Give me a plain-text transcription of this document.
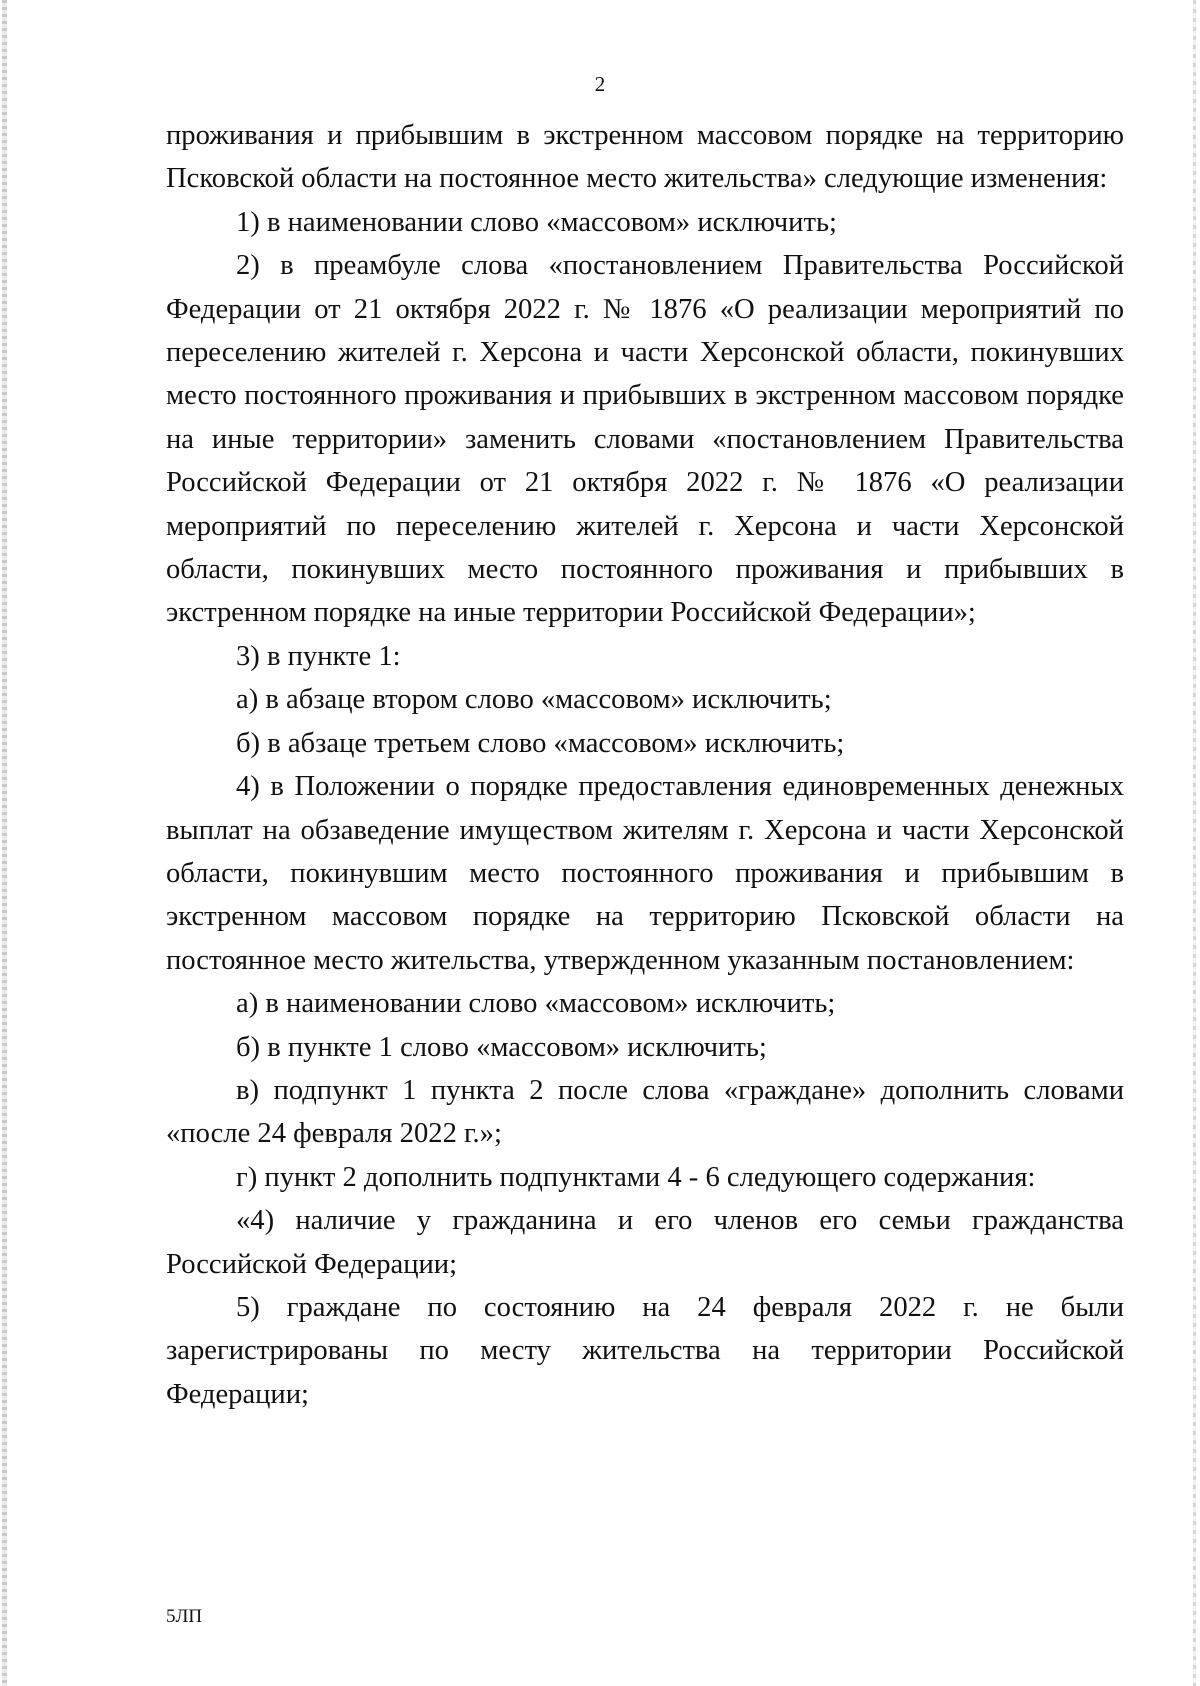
2

проживания и прибывшим в экстренном массовом порядке на территорию Псковской области на постоянное место жительства» следующие изменения:

1) в наименовании слово «массовом» исключить;

2) в преамбуле слова «постановлением Правительства Российской Федерации от 21 октября 2022 г. № 1876 «О реализации мероприятий по переселению жителей г. Херсона и части Херсонской области, покинувших место постоянного проживания и прибывших в экстренном массовом порядке на иные территории» заменить словами «постановлением Правительства Российской Федерации от 21 октября 2022 г. № 1876 «О реализации мероприятий по переселению жителей г. Херсона и части Херсонской области, покинувших место постоянного проживания и прибывших в экстренном порядке на иные территории Российской Федерации»;

3) в пункте 1:

а) в абзаце втором слово «массовом» исключить;

б) в абзаце третьем слово «массовом» исключить;

4) в Положении о порядке предоставления единовременных денежных выплат на обзаведение имуществом жителям г. Херсона и части Херсонской области, покинувшим место постоянного проживания и прибывшим в экстренном массовом порядке на территорию Псковской области на постоянное место жительства, утвержденном указанным постановлением:

а) в наименовании слово «массовом» исключить;

б) в пункте 1 слово «массовом» исключить;

в) подпункт 1 пункта 2 после слова «граждане» дополнить словами «после 24 февраля 2022 г.»;

г) пункт 2 дополнить подпунктами 4 - 6 следующего содержания:

«4) наличие у гражданина и его членов его семьи гражданства Российской Федерации;

5) граждане по состоянию на 24 февраля 2022 г. не были зарегистрированы по месту жительства на территории Российской Федерации;

5ЛП
